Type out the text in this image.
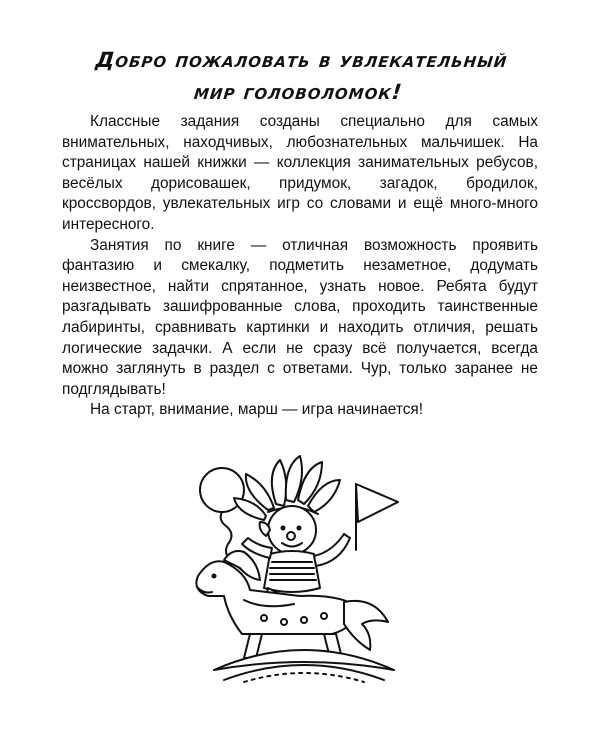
Добро пожаловать в увлекательный
мир головоломок!

Классные задания созданы специально для самых внимательных, находчивых, любознательных мальчишек. На страницах нашей книжки — коллекция занимательных ребусов, весёлых дорисовашек, придумок, загадок, бродилок, кроссвордов, увлекательных игр со словами и ещё много-много интересного.

Занятия по книге — отличная возможность проявить фантазию и смекалку, подметить незаметное, додумать неизвестное, найти спрятанное, узнать новое. Ребята будут разгадывать зашифрованные слова, проходить таинственные лабиринты, сравнивать картинки и находить отличия, решать логические задачки. А если не сразу всё получается, всегда можно заглянуть в раздел с ответами. Чур, только заранее не подглядывать!

На старт, внимание, марш — игра начинается!
